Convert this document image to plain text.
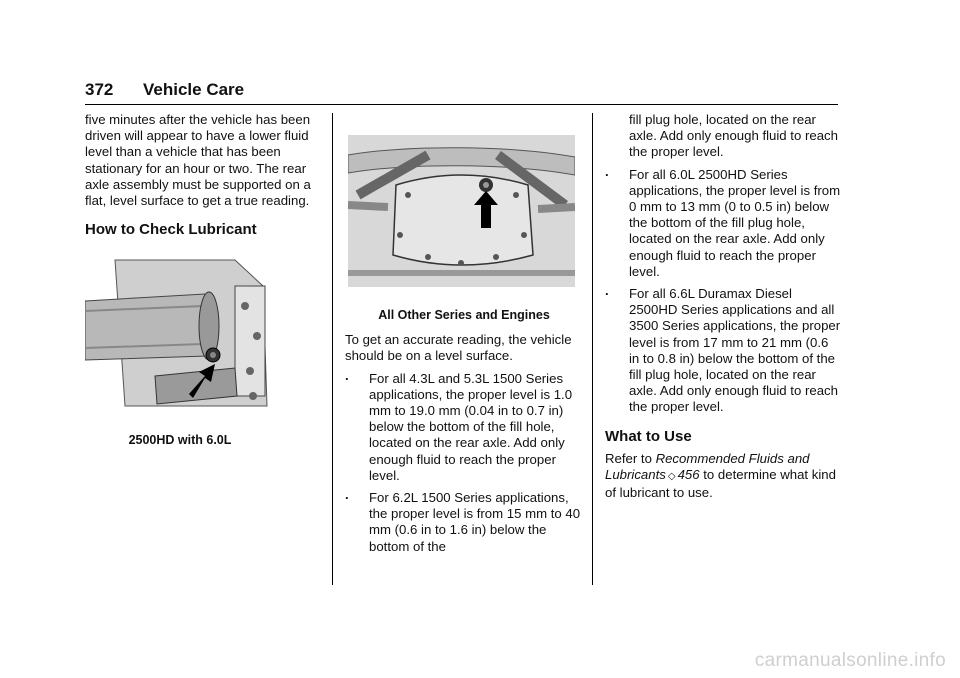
372 Vehicle Care

five minutes after the vehicle has been driven will appear to have a lower fluid level than a vehicle that has been stationary for an hour or two. The rear axle assembly must be supported on a flat, level surface to get a true reading.

How to Check Lubricant
2500HD with 6.0L
All Other Series and Engines

To get an accurate reading, the vehicle should be on a level surface.

. For all 4.3L and 5.3L 1500 Series applications, the proper level is 1.0 mm to 19.0 mm (0.04 in to 0.7 in) below the bottom of the fill hole, located on the rear axle. Add only enough fluid to reach the proper level.
. For 6.2L 1500 Series applications, the proper level is from 15 mm to 40 mm (0.6 in to 1.6 in) below the bottom of the

fill plug hole, located on the rear axle. Add only enough fluid to reach the proper level.

. For all 6.0L 2500HD Series applications, the proper level is from 0 mm to 13 mm (0 to 0.5 in) below the bottom of the fill plug hole, located on the rear axle. Add only enough fluid to reach the proper level.
. For all 6.6L Duramax Diesel 2500HD Series applications and all 3500 Series applications, the proper level is from 17 mm to 21 mm (0.6 in to 0.8 in) below the bottom of the fill plug hole, located on the rear axle. Add only enough fluid to reach the proper level.
What to Use

Refer to Recommended Fluids and Lubricants ◇ 456 to determine what kind of lubricant to use.

carmanualsonline.info
